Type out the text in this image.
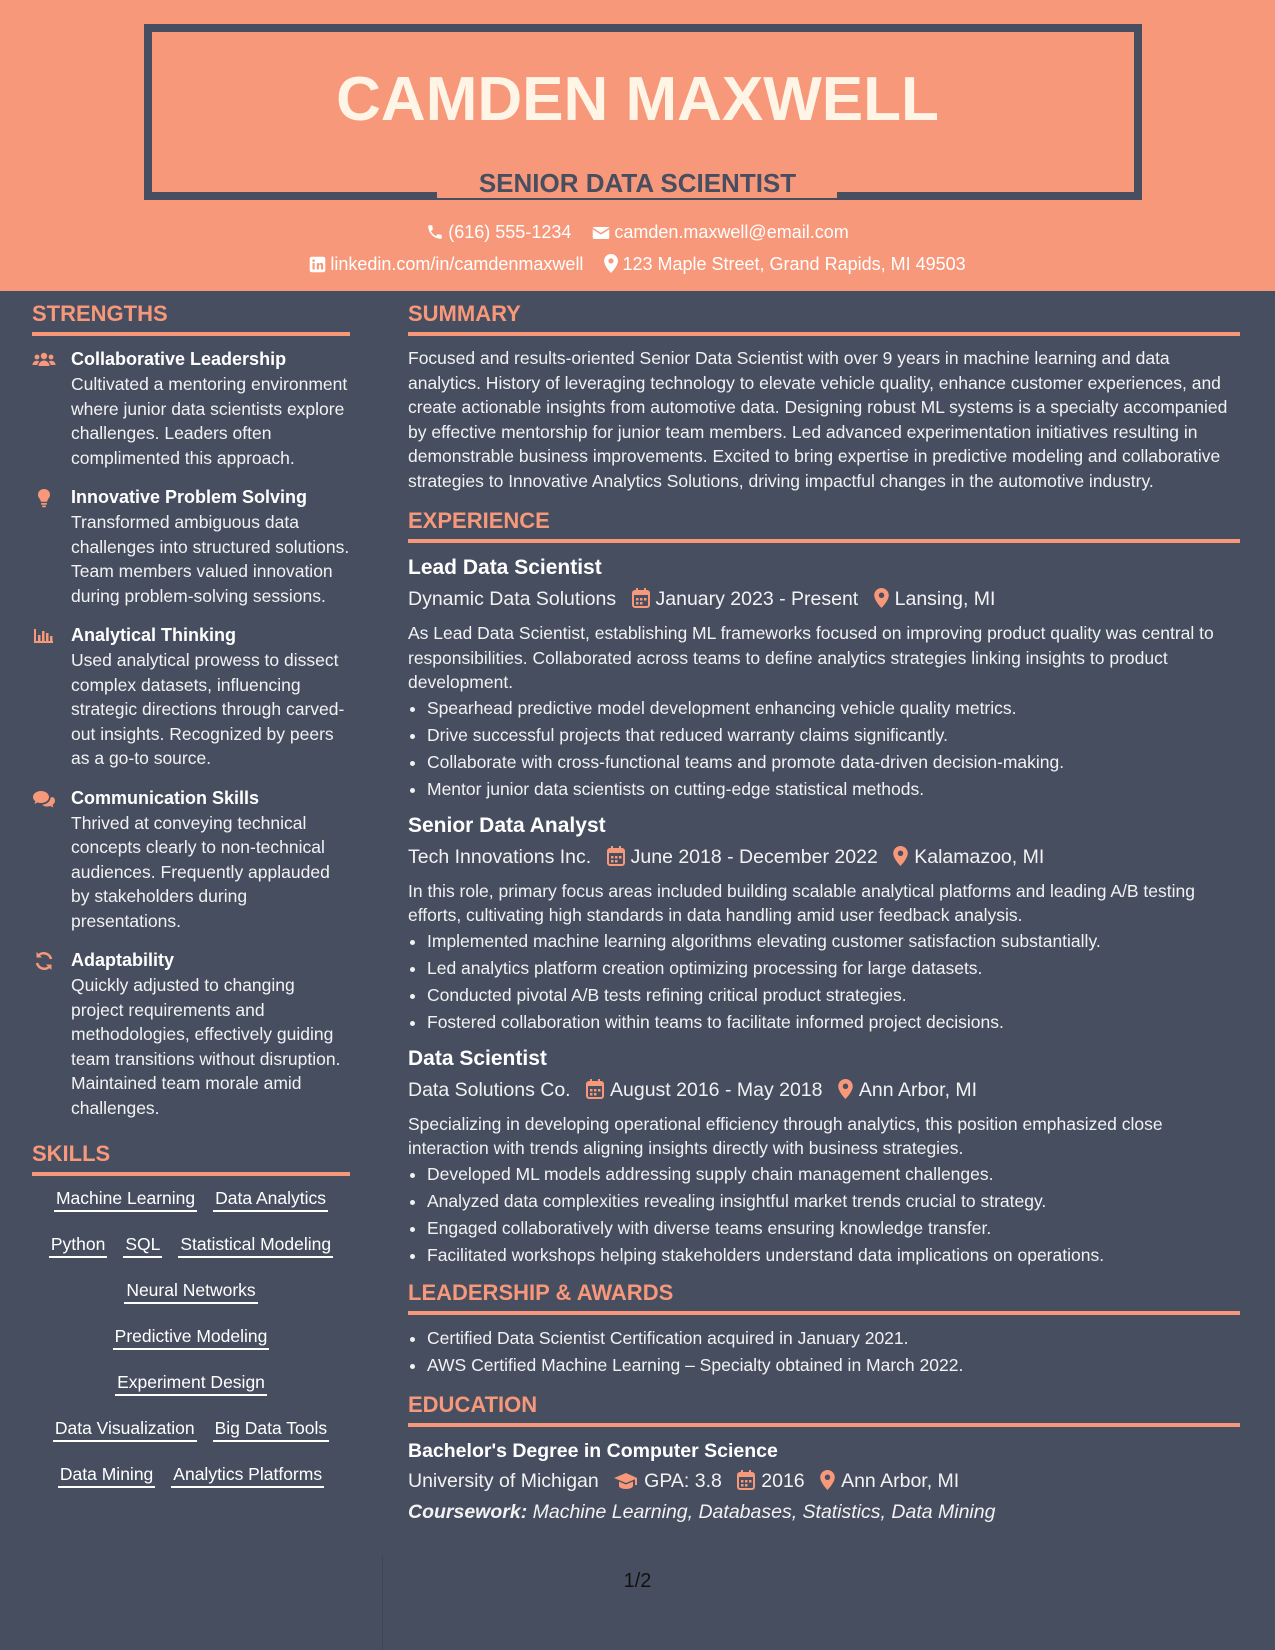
CAMDEN MAXWELL
SENIOR DATA SCIENTIST
(616) 555-1234 camden.maxwell@email.com
linkedin.com/in/camdenmaxwell 123 Maple Street, Grand Rapids, MI 49503
STRENGTHS
Collaborative Leadership
Cultivated a mentoring environment where junior data scientists explore challenges. Leaders often complimented this approach.
Innovative Problem Solving
Transformed ambiguous data challenges into structured solutions. Team members valued innovation during problem-solving sessions.
Analytical Thinking
Used analytical prowess to dissect complex datasets, influencing strategic directions through carved-out insights. Recognized by peers as a go-to source.
Communication Skills
Thrived at conveying technical concepts clearly to non-technical audiences. Frequently applauded by stakeholders during presentations.
Adaptability
Quickly adjusted to changing project requirements and methodologies, effectively guiding team transitions without disruption. Maintained team morale amid challenges.
SKILLS
Machine Learning Data Analytics
Python SQL Statistical Modeling
Neural Networks
Predictive Modeling
Experiment Design
Data Visualization Big Data Tools
Data Mining Analytics Platforms
SUMMARY
Focused and results-oriented Senior Data Scientist with over 9 years in machine learning and data analytics. History of leveraging technology to elevate vehicle quality, enhance customer experiences, and create actionable insights from automotive data. Designing robust ML systems is a specialty accompanied by effective mentorship for junior team members. Led advanced experimentation initiatives resulting in demonstrable business improvements. Excited to bring expertise in predictive modeling and collaborative strategies to Innovative Analytics Solutions, driving impactful changes in the automotive industry.
EXPERIENCE
Lead Data Scientist
Dynamic Data Solutions January 2023 - Present Lansing, MI
As Lead Data Scientist, establishing ML frameworks focused on improving product quality was central to responsibilities. Collaborated across teams to define analytics strategies linking insights to product development.
• Spearhead predictive model development enhancing vehicle quality metrics.
• Drive successful projects that reduced warranty claims significantly.
• Collaborate with cross-functional teams and promote data-driven decision-making.
• Mentor junior data scientists on cutting-edge statistical methods.
Senior Data Analyst
Tech Innovations Inc. June 2018 - December 2022 Kalamazoo, MI
In this role, primary focus areas included building scalable analytical platforms and leading A/B testing efforts, cultivating high standards in data handling amid user feedback analysis.
• Implemented machine learning algorithms elevating customer satisfaction substantially.
• Led analytics platform creation optimizing processing for large datasets.
• Conducted pivotal A/B tests refining critical product strategies.
• Fostered collaboration within teams to facilitate informed project decisions.
Data Scientist
Data Solutions Co. August 2016 - May 2018 Ann Arbor, MI
Specializing in developing operational efficiency through analytics, this position emphasized close interaction with trends aligning insights directly with business strategies.
• Developed ML models addressing supply chain management challenges.
• Analyzed data complexities revealing insightful market trends crucial to strategy.
• Engaged collaboratively with diverse teams ensuring knowledge transfer.
• Facilitated workshops helping stakeholders understand data implications on operations.
LEADERSHIP & AWARDS
• Certified Data Scientist Certification acquired in January 2021.
• AWS Certified Machine Learning – Specialty obtained in March 2022.
EDUCATION
Bachelor's Degree in Computer Science
University of Michigan GPA: 3.8 2016 Ann Arbor, MI
Coursework: Machine Learning, Databases, Statistics, Data Mining
1/2
